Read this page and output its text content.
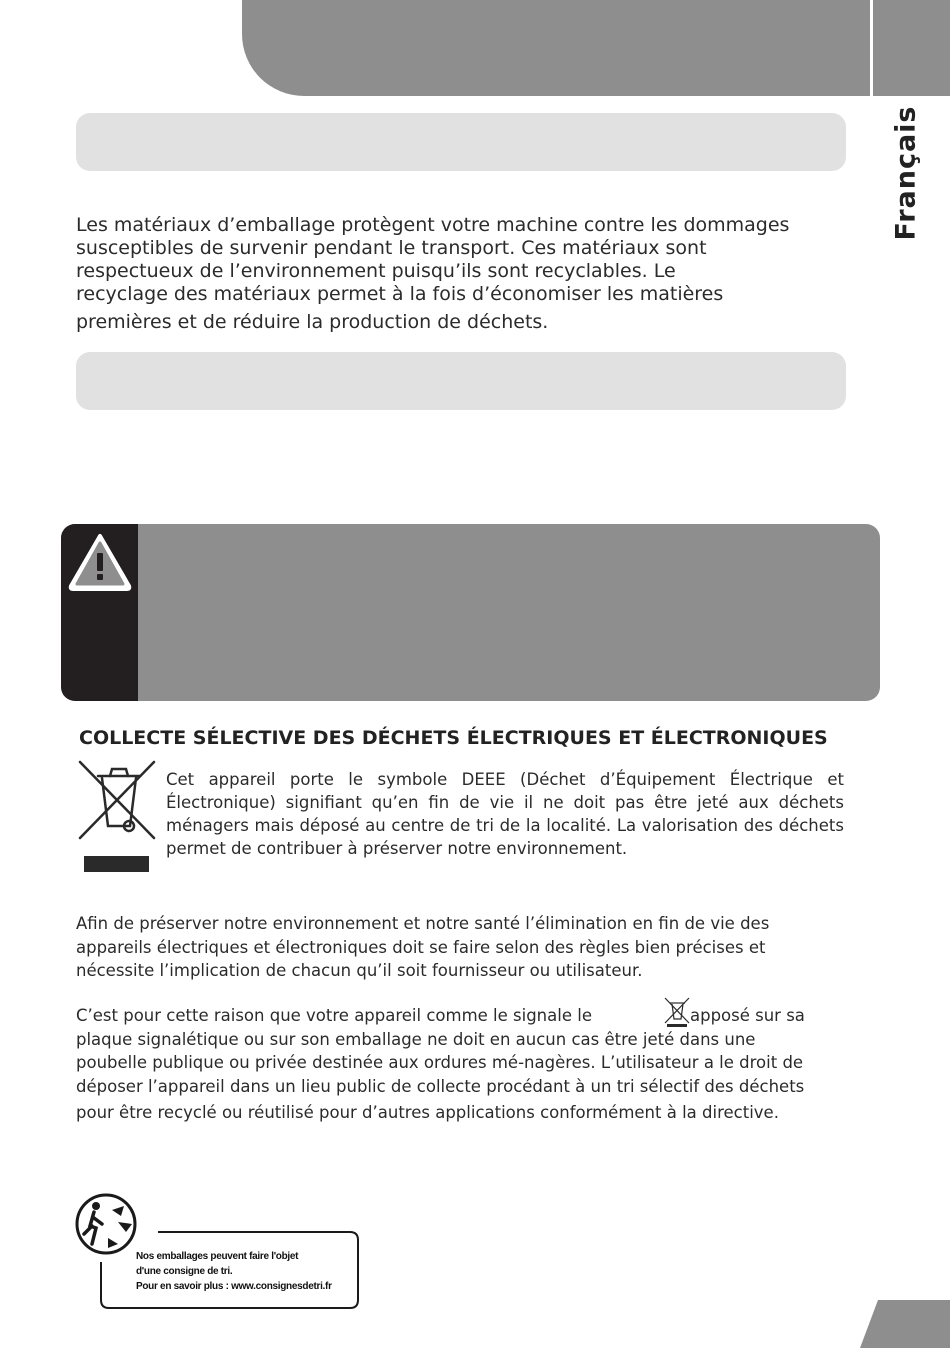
Français

Les matériaux d’emballage protègent votre machine contre les dommages
susceptibles de survenir pendant le transport. Ces matériaux sont
respectueux de l’environnement puisqu’ils sont recyclables. Le
recyclage des matériaux permet à la fois d’économiser les matières
premières et de réduire la production de déchets.

COLLECTE SÉLECTIVE DES DÉCHETS ÉLECTRIQUES ET ÉLECTRONIQUES

Cet appareil porte le symbole DEEE (Déchet d’Équipement Électrique et Électronique) signifiant qu’en fin de vie il ne doit pas être jeté aux déchets ménagers mais déposé au centre de tri de la localité. La valorisation des déchets permet de contribuer à préserver notre environnement.

Afin de préserver notre environnement et notre santé l’élimination en fin de vie des
appareils électriques et électroniques doit se faire selon des règles bien précises et
nécessite l’implication de chacun qu’il soit fournisseur ou utilisateur.

C’est pour cette raison que votre appareil comme le signale le	apposé sur sa
plaque signalétique ou sur son emballage ne doit en aucun cas être jeté dans une
poubelle publique ou privée destinée aux ordures mé-nagères. L’utilisateur a le droit de
déposer l’appareil dans un lieu public de collecte procédant à un tri sélectif des déchets
pour être recyclé ou réutilisé pour d’autres applications conformément à la directive.

Nos emballages peuvent faire l'objet
d'une consigne de tri.
Pour en savoir plus : www.consignesdetri.fr
